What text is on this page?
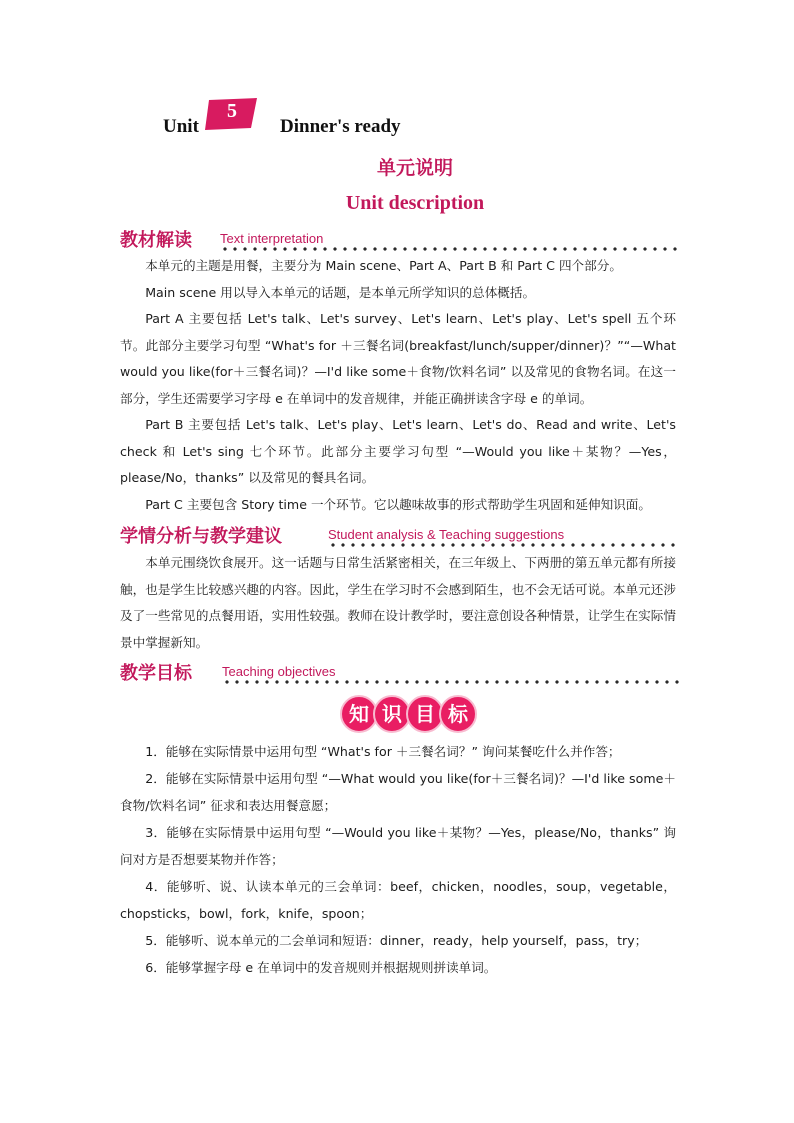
Unit
5
Dinner's ready
单元说明
Unit description
教材解读 Text interpretation

本单元的主题是用餐，主要分为 Main scene、Part A、Part B 和 Part C 四个部分。

Main scene 用以导入本单元的话题，是本单元所学知识的总体概括。

Part A 主要包括 Let's talk、Let's survey、Let's learn、Let's play、Let's spell 五个环节。此部分主要学习句型 “What's for ＋三餐名词(breakfast/lunch/supper/dinner)？”“—What would you like(for＋三餐名词)？—I'd like some＋食物/饮料名词” 以及常见的食物名词。在这一部分，学生还需要学习字母 e 在单词中的发音规律，并能正确拼读含字母 e 的单词。

Part B 主要包括 Let's talk、Let's play、Let's learn、Let's do、Read and write、Let's check 和 Let's sing 七个环节。此部分主要学习句型 “—Would you like＋某物？—Yes，please/No，thanks” 以及常见的餐具名词。

Part C 主要包含 Story time 一个环节。它以趣味故事的形式帮助学生巩固和延伸知识面。

学情分析与教学建议	Student analysis & Teaching suggestions

本单元围绕饮食展开。这一话题与日常生活紧密相关，在三年级上、下两册的第五单元都有所接触，也是学生比较感兴趣的内容。因此，学生在学习时不会感到陌生，也不会无话可说。本单元还涉及了一些常见的点餐用语，实用性较强。教师在设计教学时，要注意创设各种情景，让学生在实际情景中掌握新知。

教学目标 Teaching objectives
知 识 目 标

1．能够在实际情景中运用句型 “What's for ＋三餐名词？” 询问某餐吃什么并作答；

2．能够在实际情景中运用句型 “—What would you like(for＋三餐名词)？—I'd like some＋食物/饮料名词” 征求和表达用餐意愿；

3．能够在实际情景中运用句型 “—Would you like＋某物？—Yes，please/No，thanks” 询问对方是否想要某物并作答；

4．能够听、说、认读本单元的三会单词：beef，chicken，noodles，soup，vegetable，chopsticks，bowl，fork，knife，spoon；

5．能够听、说本单元的二会单词和短语：dinner，ready，help yourself，pass，try；

6．能够掌握字母 e 在单词中的发音规则并根据规则拼读单词。
